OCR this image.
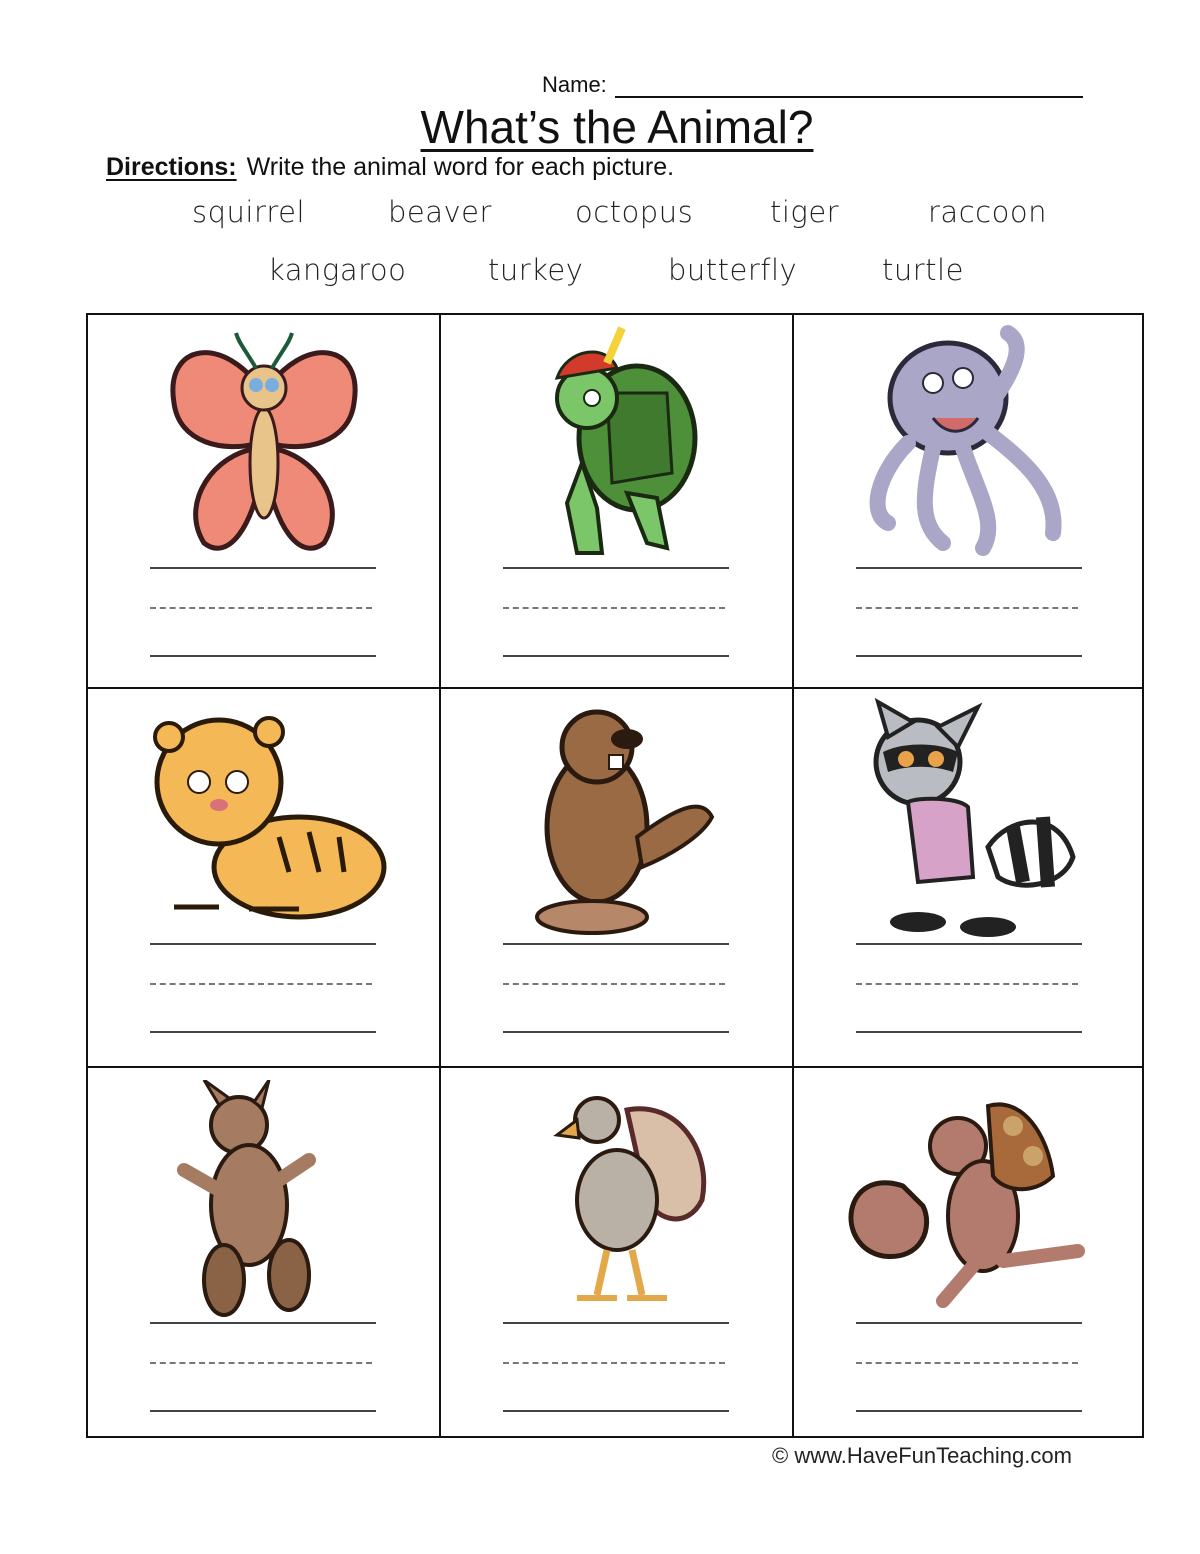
Name:
What’s the Animal?
Directions: Write the animal word for each picture.
squirrel	beaver	octopus	tiger	raccoon
kangaroo	turkey	butterfly	turtle
© www.HaveFunTeaching.com
